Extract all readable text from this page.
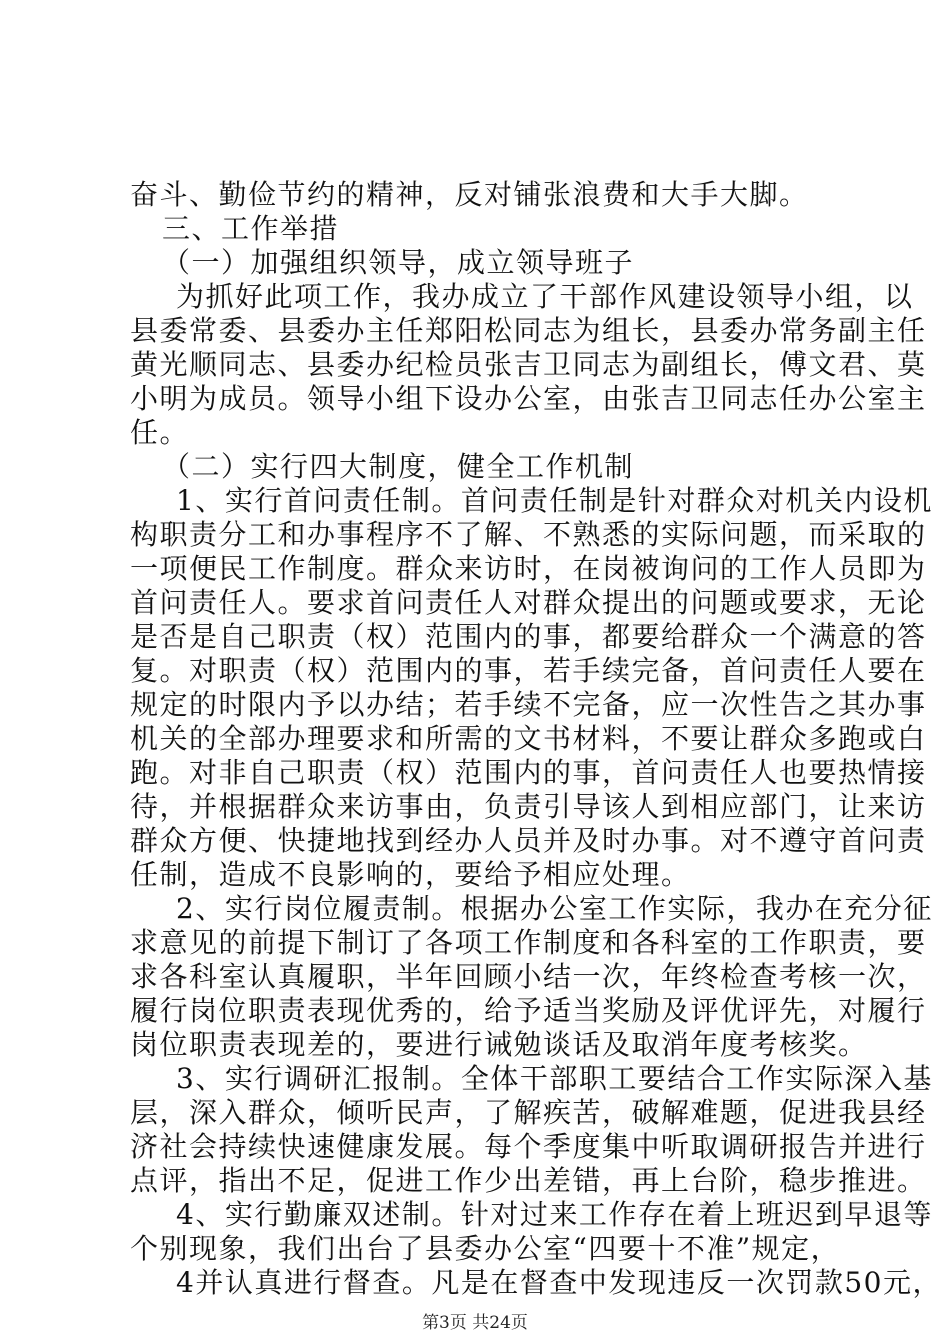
奋斗、勤俭节约的精神，反对铺张浪费和大手大脚。
三、工作举措
（一）加强组织领导，成立领导班子
为抓好此项工作，我办成立了干部作风建设领导小组，以
县委常委、县委办主任郑阳松同志为组长，县委办常务副主任
黄光顺同志、县委办纪检员张吉卫同志为副组长，傅文君、莫
小明为成员。领导小组下设办公室，由张吉卫同志任办公室主
任。
（二）实行四大制度，健全工作机制
1、实行首问责任制。首问责任制是针对群众对机关内设机
构职责分工和办事程序不了解、不熟悉的实际问题，而采取的
一项便民工作制度。群众来访时，在岗被询问的工作人员即为
首问责任人。要求首问责任人对群众提出的问题或要求，无论
是否是自己职责（权）范围内的事，都要给群众一个满意的答
复。对职责（权）范围内的事，若手续完备，首问责任人要在
规定的时限内予以办结；若手续不完备，应一次性告之其办事
机关的全部办理要求和所需的文书材料，不要让群众多跑或白
跑。对非自己职责（权）范围内的事，首问责任人也要热情接
待，并根据群众来访事由，负责引导该人到相应部门，让来访
群众方便、快捷地找到经办人员并及时办事。对不遵守首问责
任制，造成不良影响的，要给予相应处理。
2、实行岗位履责制。根据办公室工作实际，我办在充分征
求意见的前提下制订了各项工作制度和各科室的工作职责，要
求各科室认真履职，半年回顾小结一次，年终检查考核一次，
履行岗位职责表现优秀的，给予适当奖励及评优评先，对履行
岗位职责表现差的，要进行诫勉谈话及取消年度考核奖。
3、实行调研汇报制。全体干部职工要结合工作实际深入基
层，深入群众，倾听民声，了解疾苦，破解难题，促进我县经
济社会持续快速健康发展。每个季度集中听取调研报告并进行
点评，指出不足，促进工作少出差错，再上台阶，稳步推进。
4、实行勤廉双述制。针对过来工作存在着上班迟到早退等
个别现象，我们出台了县委办公室“四要十不准”规定，
4并认真进行督查。凡是在督查中发现违反一次罚款50元，
第3页 共24页
